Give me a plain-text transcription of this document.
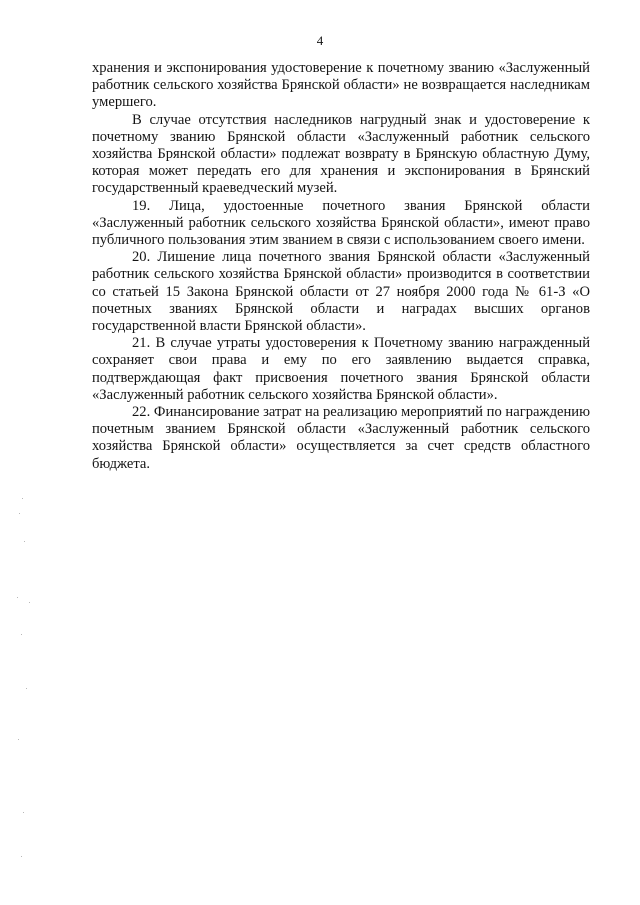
4

хранения и экспонирования удостоверение к почетному званию «Заслуженный работник сельского хозяйства Брянской области» не возвращается наследникам умершего.

В случае отсутствия наследников нагрудный знак и удостоверение к почетному званию Брянской области «Заслуженный работник сельского хозяйства Брянской области» подлежат возврату в Брянскую областную Думу, которая может передать его для хранения и экспонирования в Брянский государственный краеведческий музей.

19. Лица, удостоенные почетного звания Брянской области «Заслуженный работник сельского хозяйства Брянской области», имеют право публичного пользования этим званием в связи с использованием своего имени.

20. Лишение лица почетного звания Брянской области «Заслуженный работник сельского хозяйства Брянской области» производится в соответствии со статьей 15 Закона Брянской области от 27 ноября 2000 года № 61-З «О почетных званиях Брянской области и наградах высших органов государственной власти Брянской области».

21. В случае утраты удостоверения к Почетному званию награжденный сохраняет свои права и ему по его заявлению выдается справка, подтверждающая факт присвоения почетного звания Брянской области «Заслуженный работник сельского хозяйства Брянской области».

22. Финансирование затрат на реализацию мероприятий по награждению почетным званием Брянской области «Заслуженный работник сельского хозяйства Брянской области» осуществляется за счет средств областного бюджета.
